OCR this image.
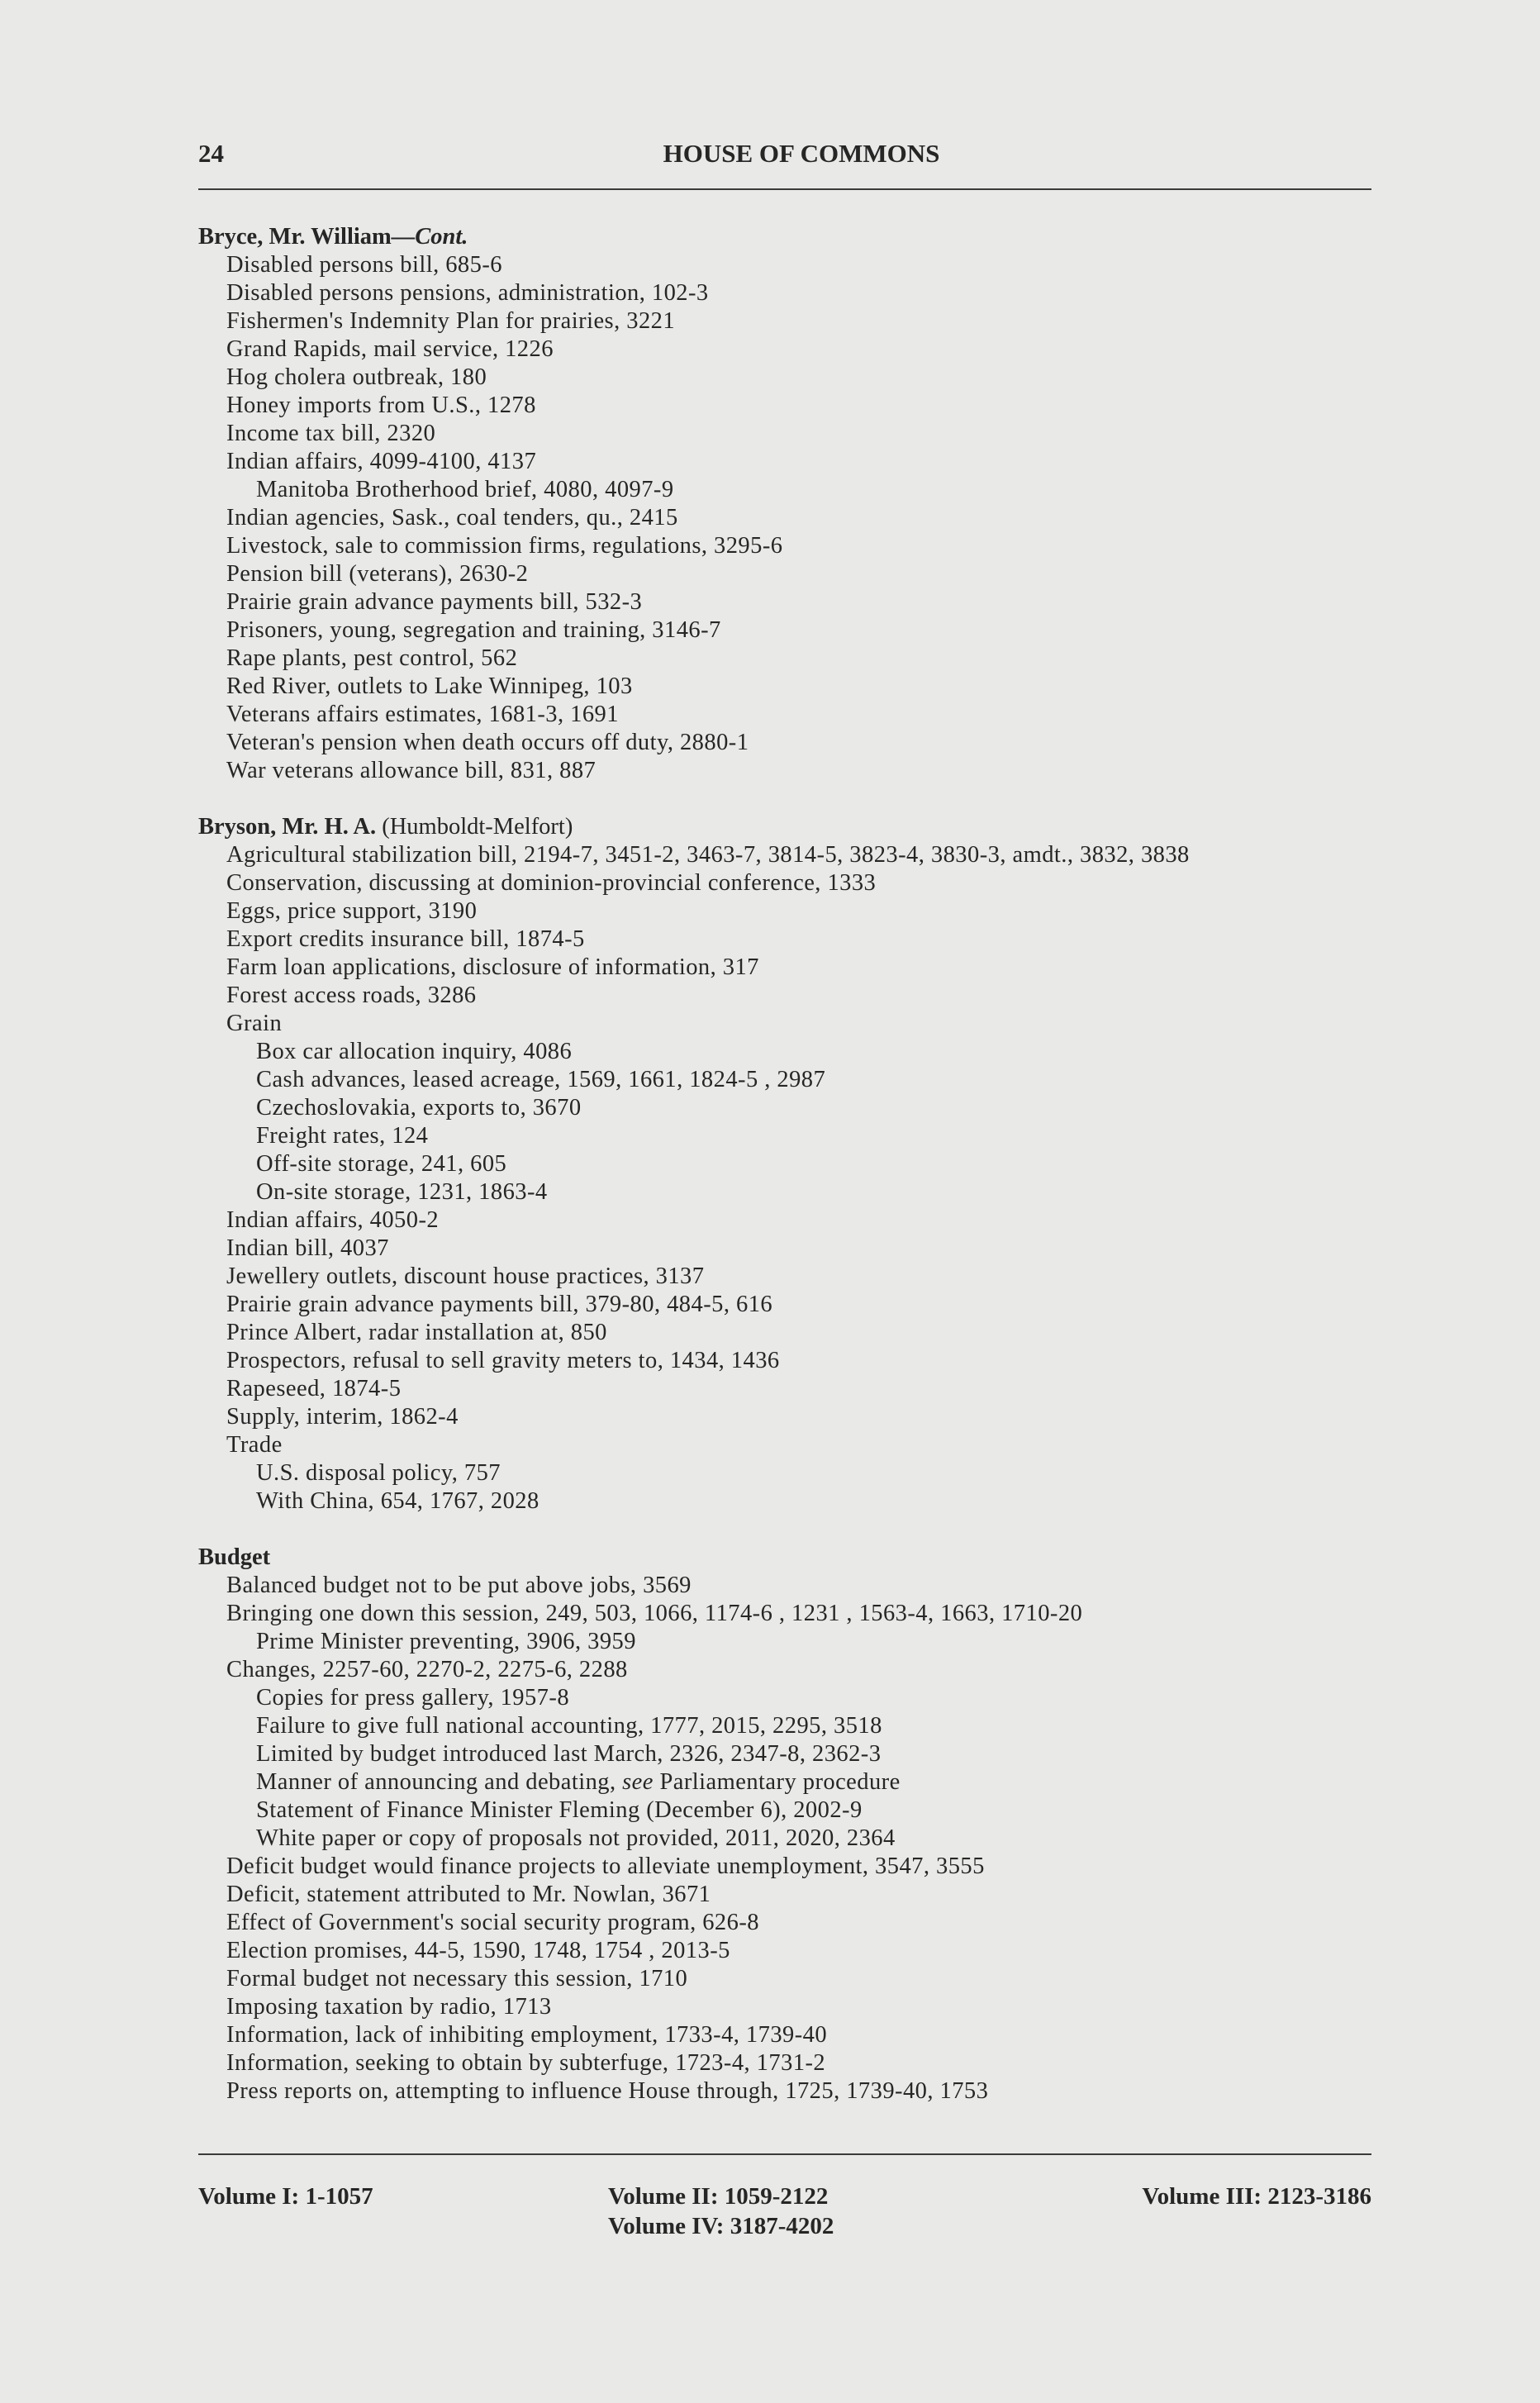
24	HOUSE OF COMMONS
Bryce, Mr. William—Cont.
Disabled persons bill, 685-6
Disabled persons pensions, administration, 102-3
Fishermen's Indemnity Plan for prairies, 3221
Grand Rapids, mail service, 1226
Hog cholera outbreak, 180
Honey imports from U.S., 1278
Income tax bill, 2320
Indian affairs, 4099-4100, 4137
Manitoba Brotherhood brief, 4080, 4097-9
Indian agencies, Sask., coal tenders, qu., 2415
Livestock, sale to commission firms, regulations, 3295-6
Pension bill (veterans), 2630-2
Prairie grain advance payments bill, 532-3
Prisoners, young, segregation and training, 3146-7
Rape plants, pest control, 562
Red River, outlets to Lake Winnipeg, 103
Veterans affairs estimates, 1681-3, 1691
Veteran's pension when death occurs off duty, 2880-1
War veterans allowance bill, 831, 887
Bryson, Mr. H. A. (Humboldt-Melfort)
Agricultural stabilization bill, 2194-7, 3451-2, 3463-7, 3814-5, 3823-4, 3830-3, amdt., 3832, 3838
Conservation, discussing at dominion-provincial conference, 1333
Eggs, price support, 3190
Export credits insurance bill, 1874-5
Farm loan applications, disclosure of information, 317
Forest access roads, 3286
Grain
Box car allocation inquiry, 4086
Cash advances, leased acreage, 1569, 1661, 1824-5 , 2987
Czechoslovakia, exports to, 3670
Freight rates, 124
Off-site storage, 241, 605
On-site storage, 1231, 1863-4
Indian affairs, 4050-2
Indian bill, 4037
Jewellery outlets, discount house practices, 3137
Prairie grain advance payments bill, 379-80, 484-5, 616
Prince Albert, radar installation at, 850
Prospectors, refusal to sell gravity meters to, 1434, 1436
Rapeseed, 1874-5
Supply, interim, 1862-4
Trade
U.S. disposal policy, 757
With China, 654, 1767, 2028
Budget
Balanced budget not to be put above jobs, 3569
Bringing one down this session, 249, 503, 1066, 1174-6 , 1231 , 1563-4, 1663, 1710-20
Prime Minister preventing, 3906, 3959
Changes, 2257-60, 2270-2, 2275-6, 2288
Copies for press gallery, 1957-8
Failure to give full national accounting, 1777, 2015, 2295, 3518
Limited by budget introduced last March, 2326, 2347-8, 2362-3
Manner of announcing and debating, see Parliamentary procedure
Statement of Finance Minister Fleming (December 6), 2002-9
White paper or copy of proposals not provided, 2011, 2020, 2364
Deficit budget would finance projects to alleviate unemployment, 3547, 3555
Deficit, statement attributed to Mr. Nowlan, 3671
Effect of Government's social security program, 626-8
Election promises, 44-5, 1590, 1748, 1754 , 2013-5
Formal budget not necessary this session, 1710
Imposing taxation by radio, 1713
Information, lack of inhibiting employment, 1733-4, 1739-40
Information, seeking to obtain by subterfuge, 1723-4, 1731-2
Press reports on, attempting to influence House through, 1725, 1739-40, 1753
Volume I: 1-1057	Volume II: 1059-2122
Volume IV: 3187-4202
Volume III: 2123-3186
